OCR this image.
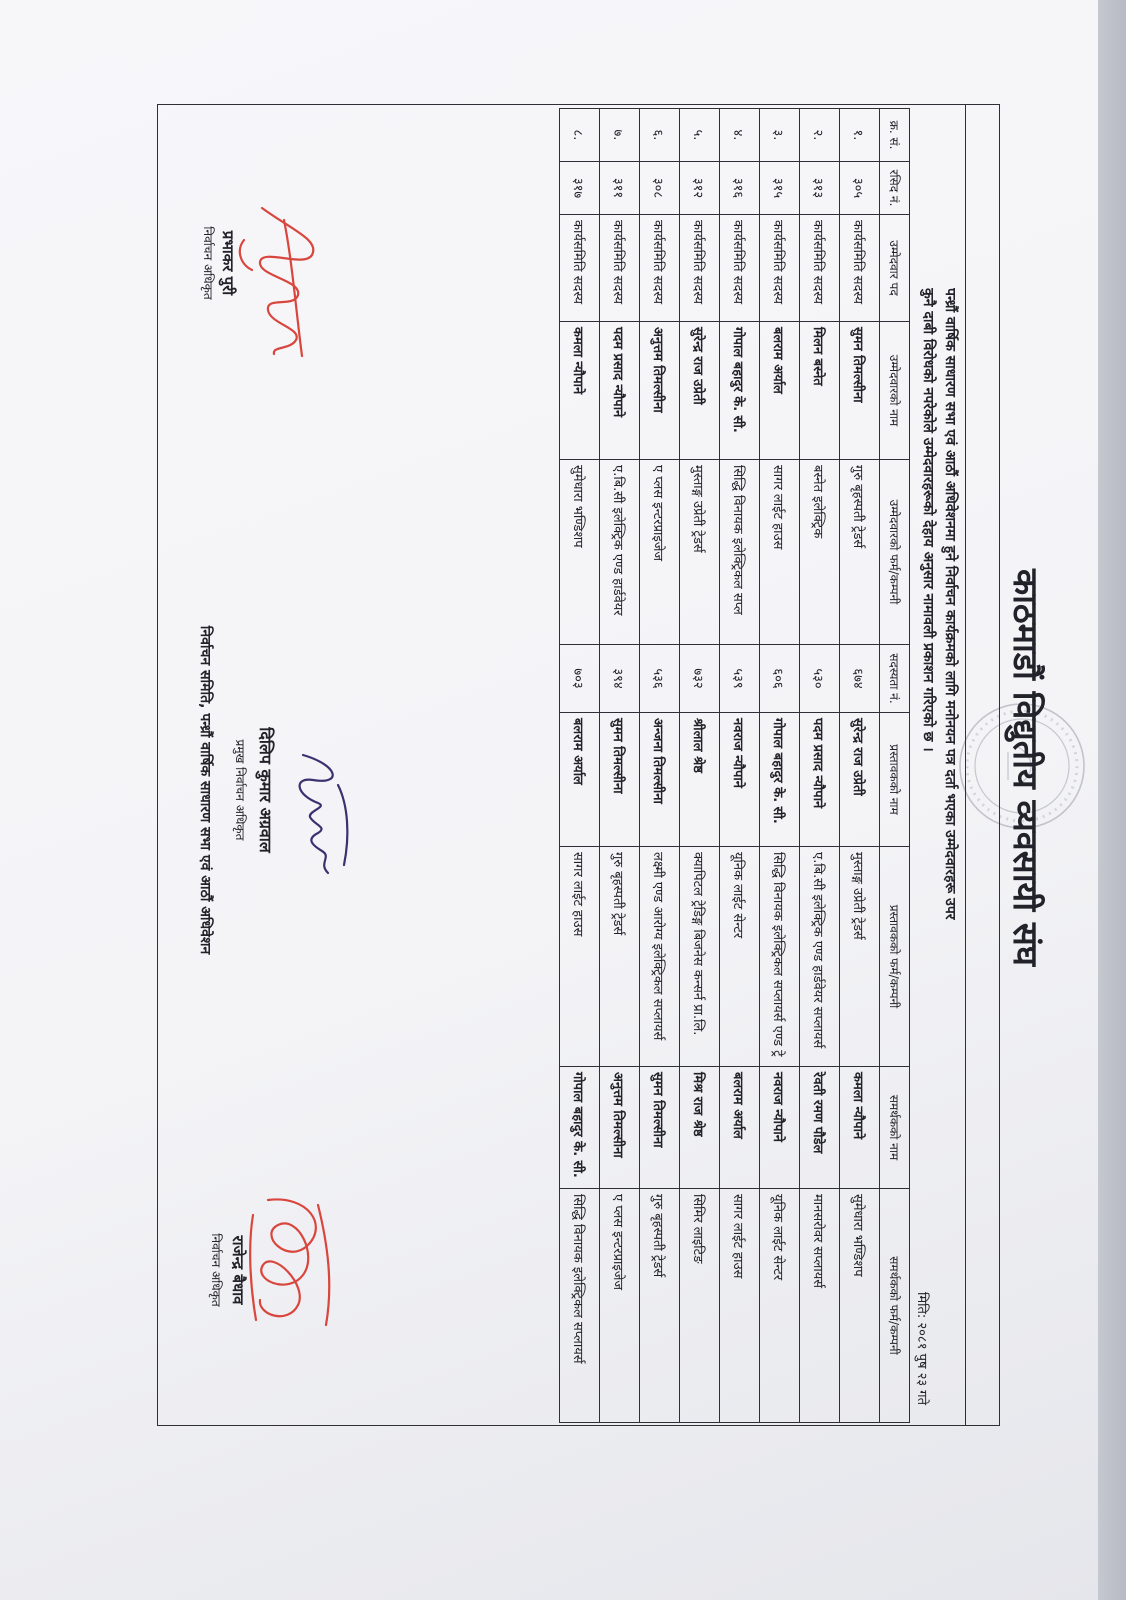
काठमाडौं विद्युतीय व्यवसायी संघ
पन्ध्रौं वार्षिक साधारण सभा एवं आठौं अधिवेशनमा हुने निर्वाचन कार्यक्रमको लागि मनोनयन पत्र दर्ता भएका उम्मेदवारहरू उपर
कुनै दाबी विरोधको नपरेकोले उम्मेदवारहरूको देहाय अनुसार नामावली प्रकाशन गरिएको छ ।
मिति: २०८१ पुष २३ गते
क्र. सं.	रसिद नं.	उम्मेदवार पद	उम्मेदवारको नाम	उम्मेदवारको फर्म/कम्पनी	सदस्यता नं.	प्रस्तावकको नाम	प्रस्तावकको फर्म/कम्पनी	समर्थकको नाम	समर्थकको फर्म/कम्पनी
१.	३०५	कार्यसमिति सदस्य	सुमन तिमल्सीना	गुरु बृहस्पती ट्रेडर्स	६७४	सुरेन्द्र राज उप्रेती	मुस्ताङ्ग उप्रेती ट्रेडर्स	कमला न्यौपाने	सुमेधारा भण्डिशप
२.	३१३	कार्यसमिति सदस्य	मिलन बस्नेत	बस्नेत इलेक्ट्रिक	५३०	पदम प्रसाद न्यौपाने	ए.बि.सी इलेक्ट्रिक एण्ड हार्डवेयर सप्लायर्स	रेवती रमण पौडेल	मानसरोवर सप्लायर्स
३.	३१५	कार्यसमिति सदस्य	बलराम अर्याल	सागर लाईट हाउस	६०६	गोपाल बहादुर के. सी.	सिद्धि विनायक इलेक्ट्रिकल सप्लायर्स एण्ड ट्रे	नवराज न्यौपाने	यूनिक लाईट सेन्टर
४.	३१६	कार्यसमिति सदस्य	गोपाल बहादुर के. सी.	सिद्धि विनायक इलेक्ट्रिकल सप्ल	५३९	नवराज न्यौपाने	यूनिक लाईट सेन्टर	बलराम अर्याल	सागर लाईट हाउस
५.	३१२	कार्यसमिति सदस्य	सुरेन्द्र राज उप्रेती	मुस्ताङ्ग उप्रेती ट्रेडर्स	७३२	श्रीलाल श्रेष्ठ	क्यापिटल ट्रेडिङ्ग बिजनेस कन्सर्न प्रा.लि.	मिश्र राज श्रेष्ठ	सिमिर लाइटिङ
६.	३०८	कार्यसमिति सदस्य	अनुत्तम तिमल्सीना	ए प्लस इन्टरप्राइजेज	५३६	अन्जना तिमल्सीना	लक्ष्मी एण्ड आरोग्य इलेक्ट्रिकल सप्लायर्स	सुमन तिमल्सीना	गुरु बृहस्पती ट्रेडर्स
७.	३११	कार्यसमिति सदस्य	पदम प्रसाद न्यौपाने	ए.बि.सी इलेक्ट्रिक एण्ड हार्डवेयर	३९४	सुमन तिमल्सीना	गुरु बृहस्पती ट्रेडर्स	अनुत्तम तिमल्सीना	ए प्लस इन्टरप्राइजेज
८.	३१७	कार्यसमिति सदस्य	कमला न्यौपाने	सुमेधारा भण्डिशप	७०३	बलराम अर्याल	सागर लाईट हाउस	गोपाल बहादुर के. सी.	सिद्धि विनायक इलेक्ट्रिकल सप्लायर्स
प्रभाकर पुरी
निर्वाचन अधिकृत
दिलिप कुमार अग्रवाल
प्रमुख निर्वाचन अधिकृत
निर्वाचन समिति, पन्ध्रौं वार्षिक साधारण सभा एवं आठौं अधिवेशन
राजेन्द्र बैधाव
निर्वाचन अधिकृत
